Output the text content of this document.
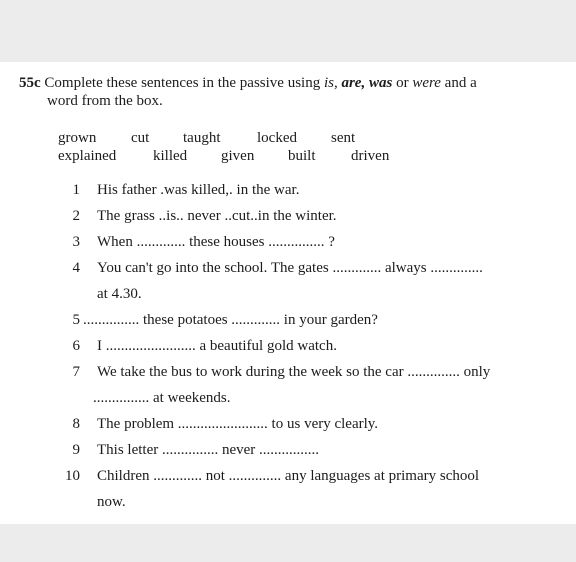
55c Complete these sentences in the passive using is, are, was or were and a
word from the box.
grown cut taught locked sent
explained killed given built driven
1 His father .was killed,. in the war.
2 The grass ..is.. never ..cut..in the winter.
3 When ............. these houses ............... ?
4 You can't go into the school. The gates ............. always ..............
at 4.30.
5 ............... these potatoes ............. in your garden?
6 I ........................ a beautiful gold watch.
7 We take the bus to work during the week so the car .............. only
............... at weekends.
8 The problem ........................ to us very clearly.
9 This letter ............... never ................
10 Children ............. not .............. any languages at primary school
now.
